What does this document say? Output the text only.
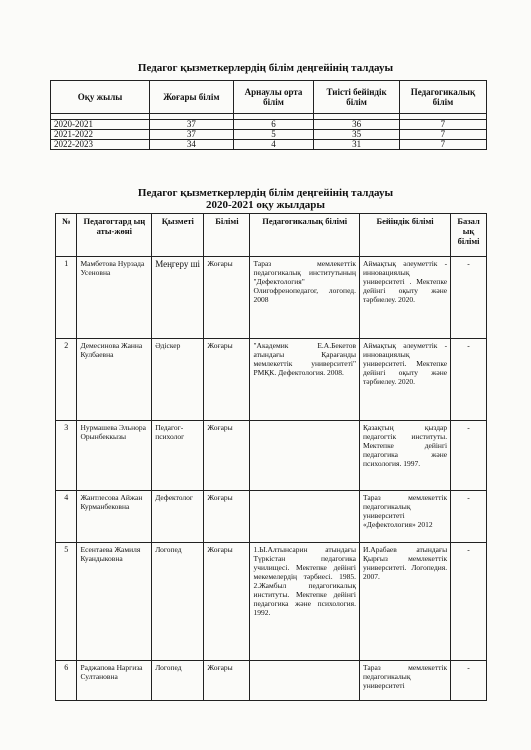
Педагог қызметкерлердің білім деңгейінің талдауы
Оқу жылы	Жоғары білім	Арнаулы орта білім	Тиісті бейіндік білім	Педагогикалық білім

2020-2021	37	6	36	7
2021-2022	37	5	35	7
2022-2023	34	4	31	7
Педагог қызметкерлердің білім деңгейінің талдауы
2020-2021 оқу жылдары
№	Педагогтард ың аты-жөні	Қызметі	Білімі	Педагогикалық білімі	Бейіндік білімі	Базал ық білімі
1	Мамбетова Нурзада Усеновна	Меңгеру ші	Жоғары	Тараз мемлекеттік педагогикалық институтының "Дефектология" Олигофренопедагог, логопед. 2008	Аймақтық әлеуметтік - инновациялық университеті . Мектепке дейінгі оқыту және тәрбиелеу. 2020.	-
2	Демесинова Жанна Кулбаевна	Әдіскер	Жоғары	"Академик Е.А.Бекетов атындағы Қарағанды мемлекеттік университеті" РМҚК. Дефектология. 2008.	Аймақтық әлеуметтік - инновациялық университеті. Мектепке дейінгі оқыту және тәрбиелеу. 2020.	-
3	Нурмашева Эльнора Орынбеккызы	Педагог-психолог	Жоғары		Қазақтың қыздар педагогтік институты. Мектепке дейінгі педагогика және психология. 1997.	-
4	Жантлесова Айжан Курманбековна	Дефектолог	Жоғары		Тараз мемлекеттік педагогикалық университеті «Дефектология» 2012	-
5	Есентаева Жамиля Куандыковна	Логопед	Жоғары	1.Ы.Алтынсарин атындағы Түркістан педагогика училищесі. Мектепке дейінгі мекемелердің тәрбиесі. 1985. 2.Жамбыл педагогикалық институты. Мектепке дейінгі педагогика және психология. 1992.	И.Арабаев атындағы Қырғыз мемлекеттік университеті. Логопедия. 2007.	-
6	Раджапова Наргиза Султановна	Логопед	Жоғары		Тараз мемлекеттік педагогикалық университеті	-
